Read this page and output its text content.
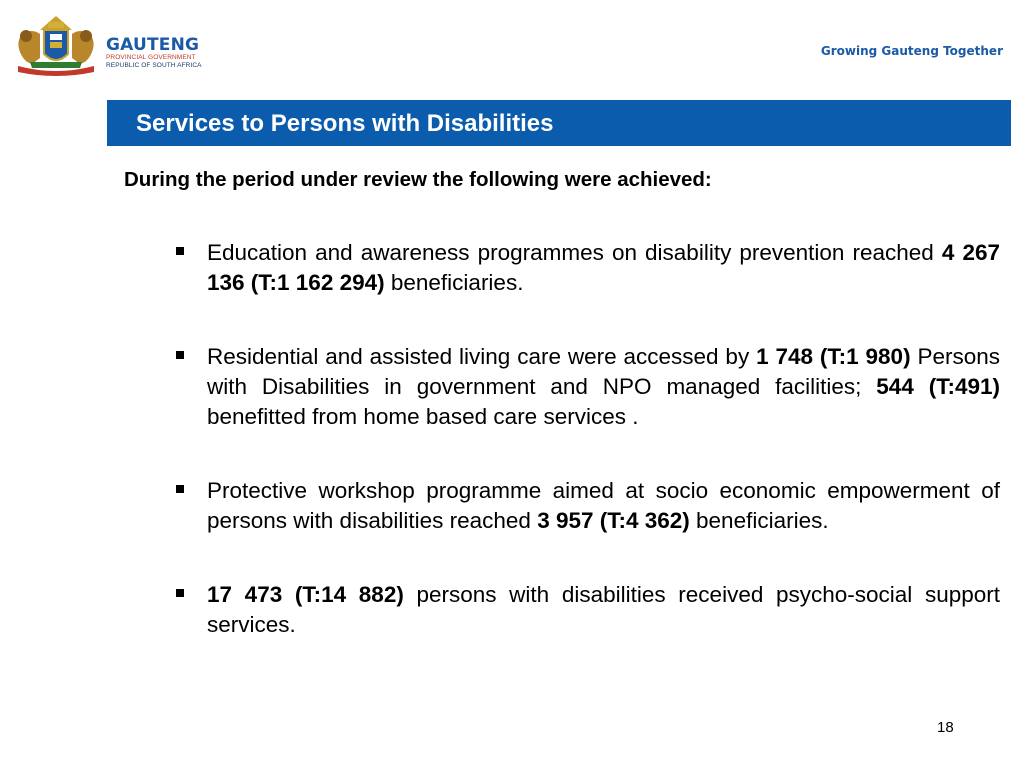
GAUTENG
PROVINCIAL GOVERNMENT
REPUBLIC OF SOUTH AFRICA
Growing Gauteng Together
Services to Persons with Disabilities
During the period under review the following were achieved:

Education and awareness programmes on disability prevention reached 4 267 136 (T:1 162 294) beneficiaries.

Residential and assisted living care were accessed by 1 748 (T:1 980) Persons with Disabilities in government and NPO managed facilities; 544 (T:491) benefitted from home based care services .

Protective workshop programme aimed at socio economic empowerment of persons with disabilities reached 3 957 (T:4 362) beneficiaries.

17 473 (T:14 882) persons with disabilities received psycho-social support services.

18
